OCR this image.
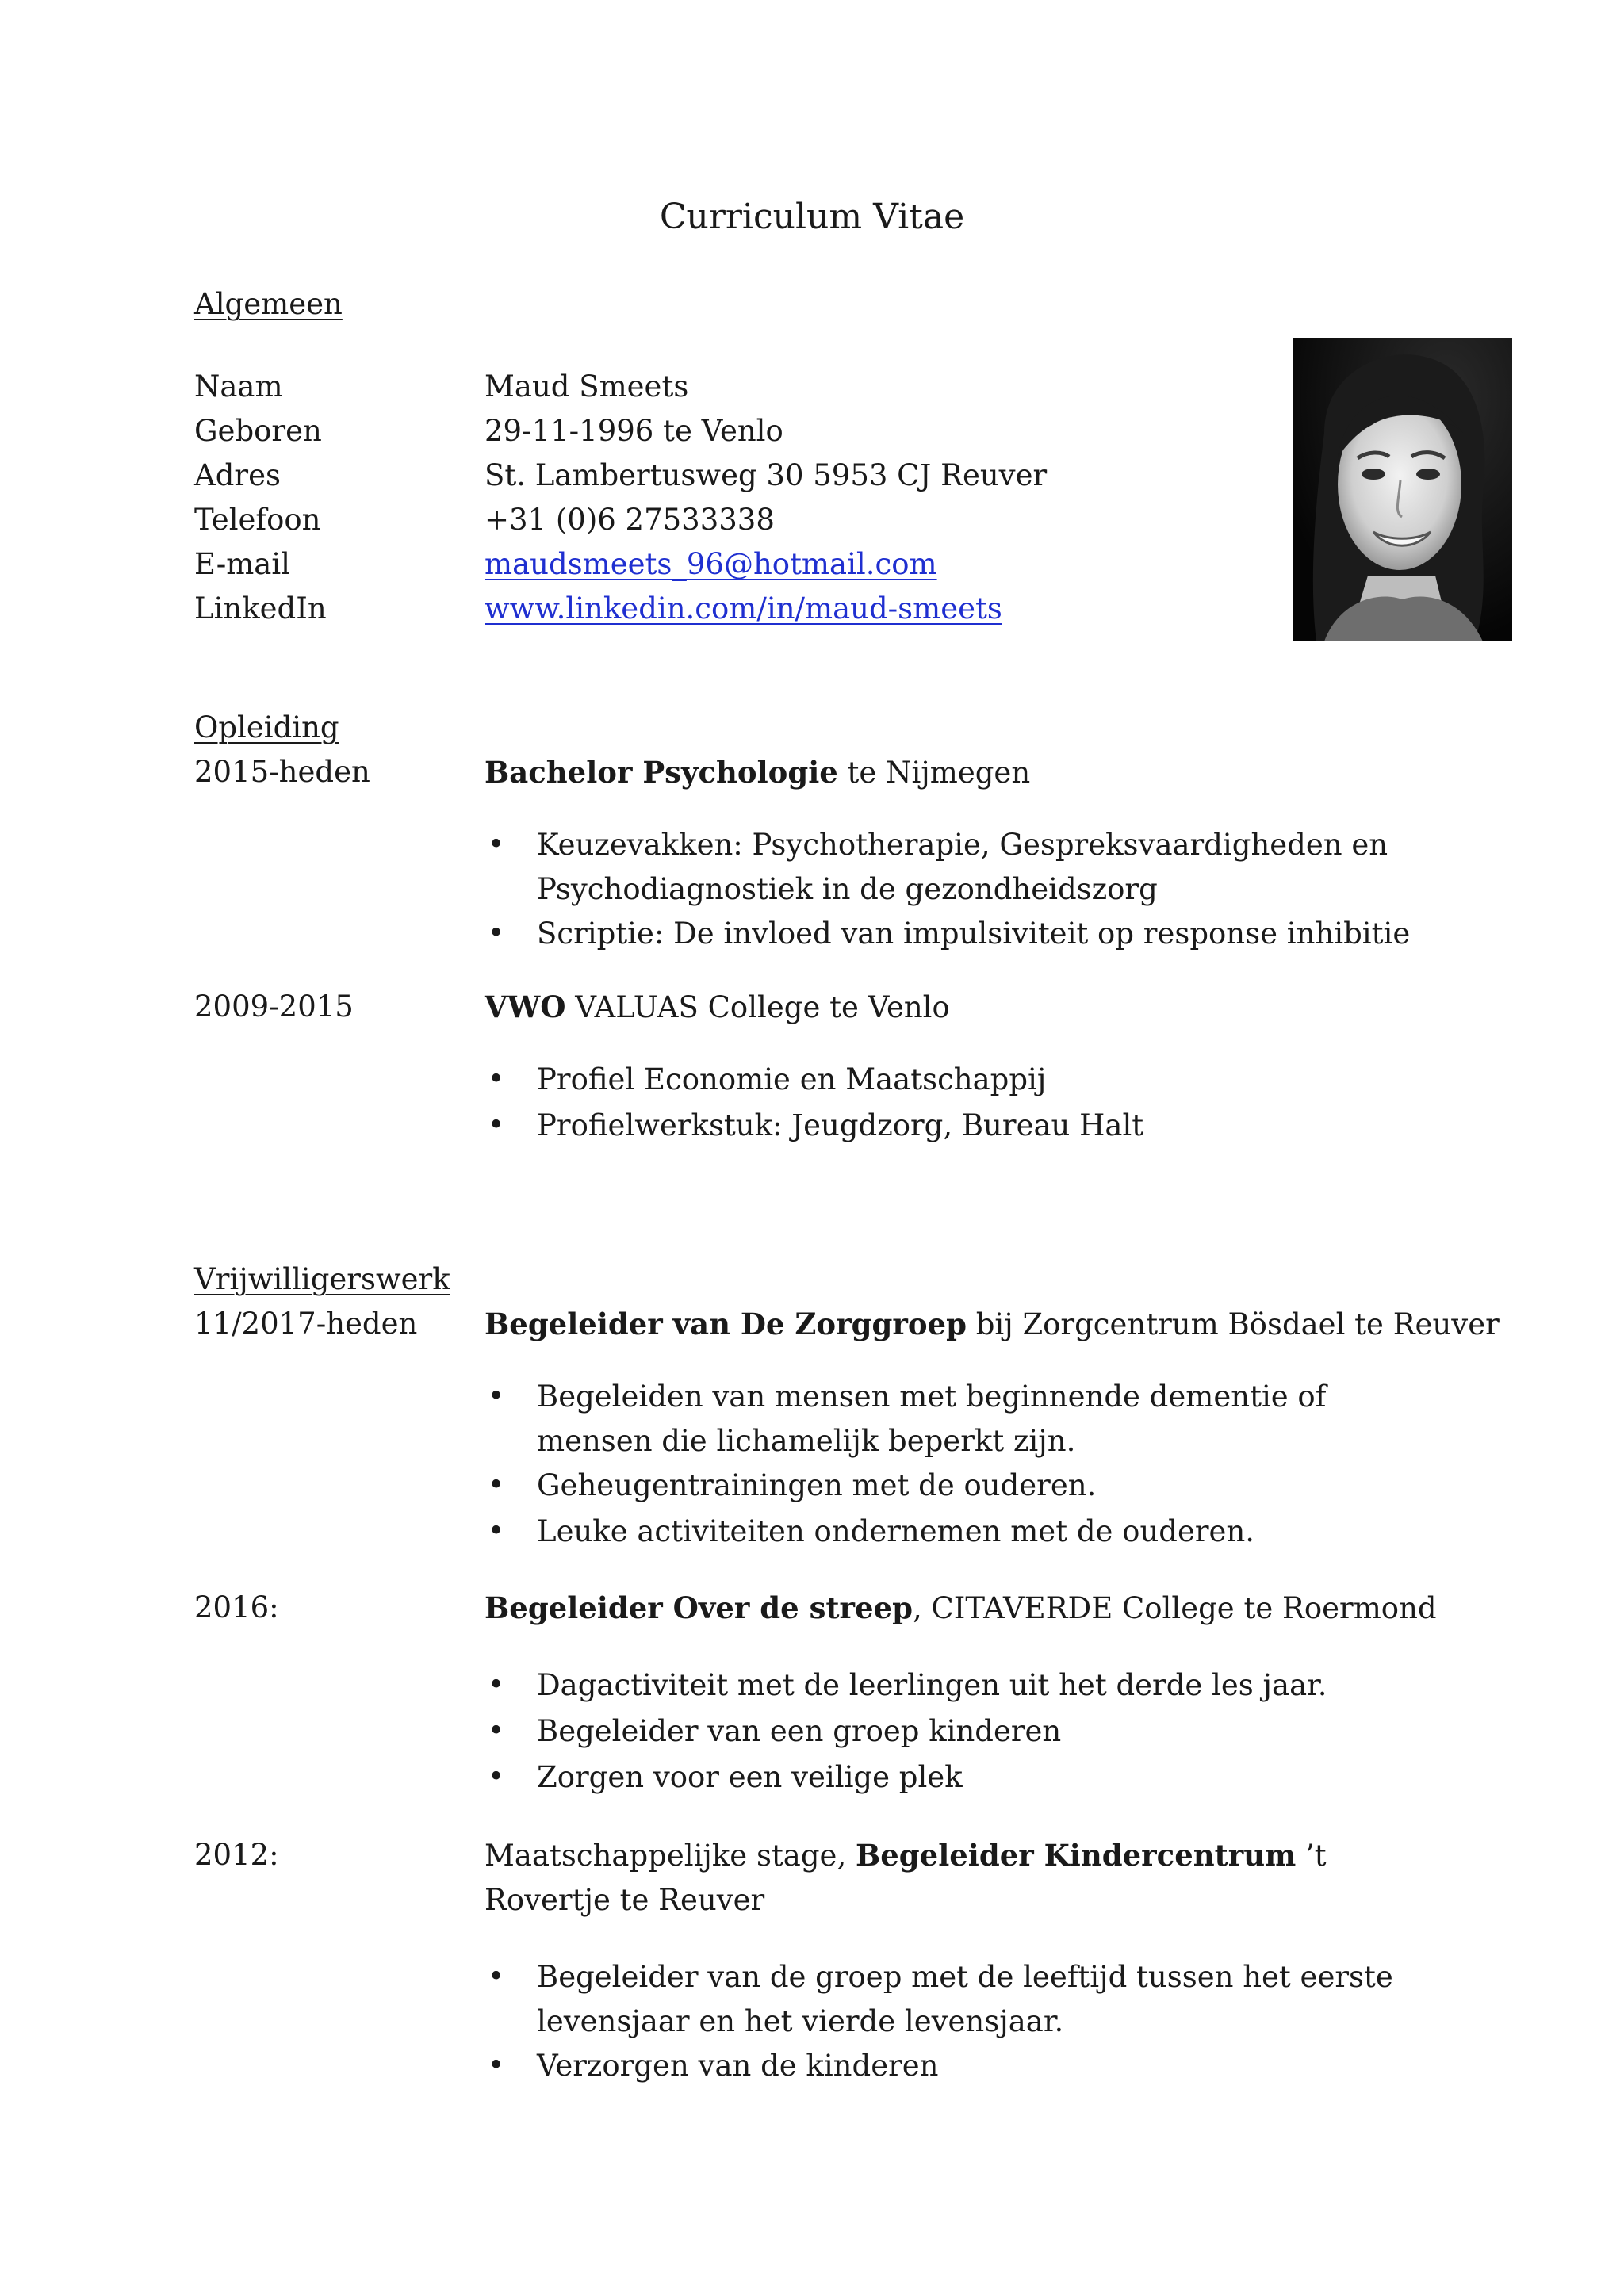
Curriculum Vitae
Algemeen
Naam	Maud Smeets
Geboren	29-11-1996 te Venlo
Adres	St. Lambertusweg 30 5953 CJ Reuver
Telefoon	+31 (0)6 27533338
E-mail	maudsmeets_96@hotmail.com
LinkedIn	www.linkedin.com/in/maud-smeets
Opleiding
2015-heden	Bachelor Psychologie te Nijmegen
•	Keuzevakken: Psychotherapie, Gespreksvaardigheden en Psychodiagnostiek in de gezondheidszorg
•	Scriptie: De invloed van impulsiviteit op response inhibitie
2009-2015	VWO VALUAS College te Venlo
•	Profiel Economie en Maatschappij
•	Profielwerkstuk: Jeugdzorg, Bureau Halt
Vrijwilligerswerk
11/2017-heden Begeleider van De Zorggroep bij Zorgcentrum Bösdael te Reuver
•	Begeleiden van mensen met beginnende dementie of mensen die lichamelijk beperkt zijn.
•	Geheugentrainingen met de ouderen.
•	Leuke activiteiten ondernemen met de ouderen.
2016:	Begeleider Over de streep, CITAVERDE College te Roermond
•	Dagactiviteit met de leerlingen uit het derde les jaar.
•	Begeleider van een groep kinderen
•	Zorgen voor een veilige plek
2012:	Maatschappelijke stage, Begeleider Kindercentrum ’t Rovertje te Reuver
•	Begeleider van de groep met de leeftijd tussen het eerste levensjaar en het vierde levensjaar.
•	Verzorgen van de kinderen
